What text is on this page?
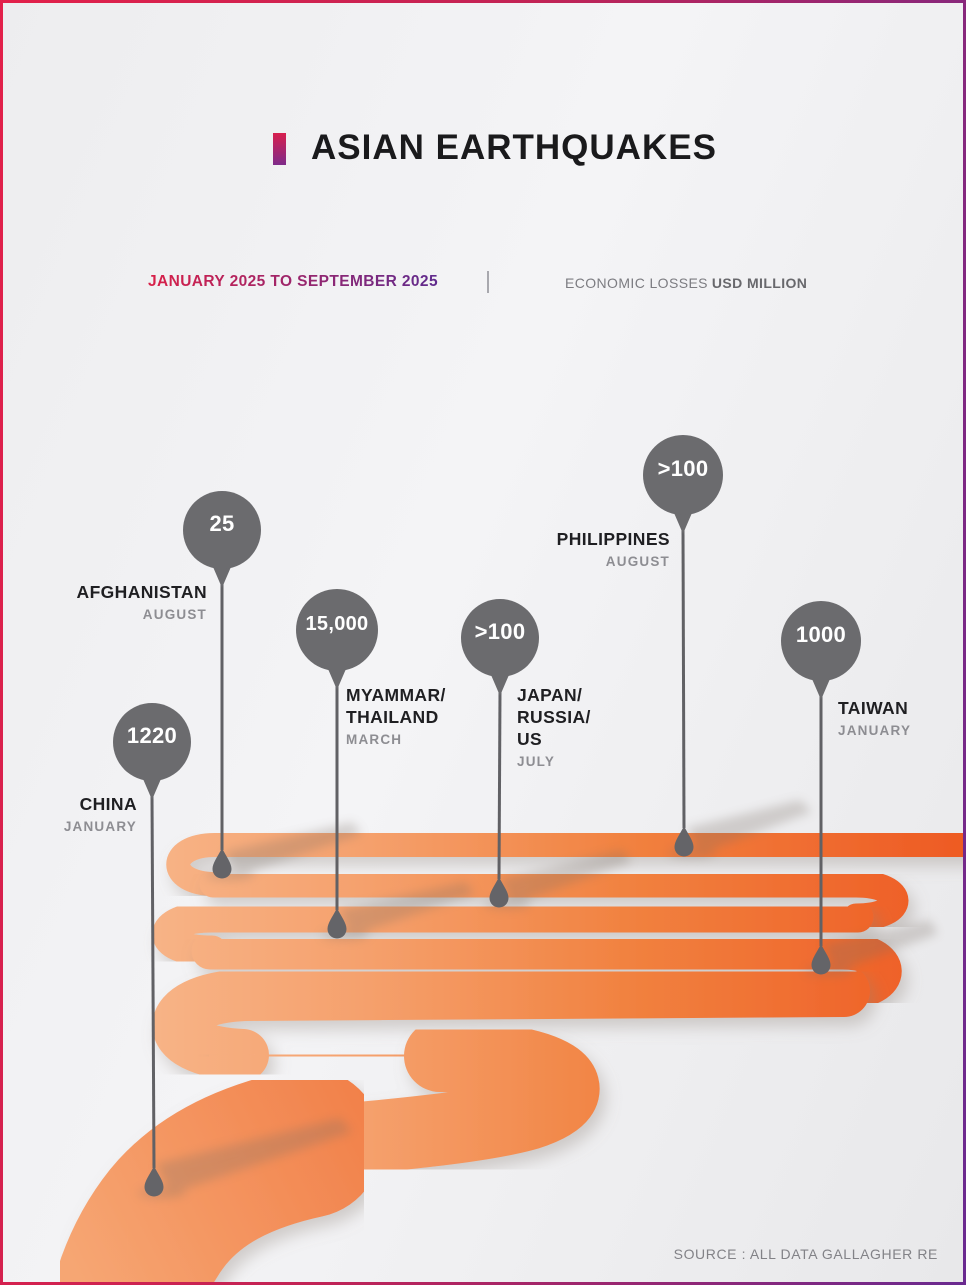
ASIAN EARTHQUAKES
JANUARY 2025 TO SEPTEMBER 2025	ECONOMIC LOSSES USD MILLION
25
1220
15,000	>100
>100
1000
AFGHANISTAN
AUGUST
CHINA
JANUARY
MYAMMAR/
THAILAND
MARCH
JAPAN/
RUSSIA/
US
JULY
PHILIPPINES
AUGUST
TAIWAN
JANUARY
SOURCE : ALL DATA GALLAGHER RE
